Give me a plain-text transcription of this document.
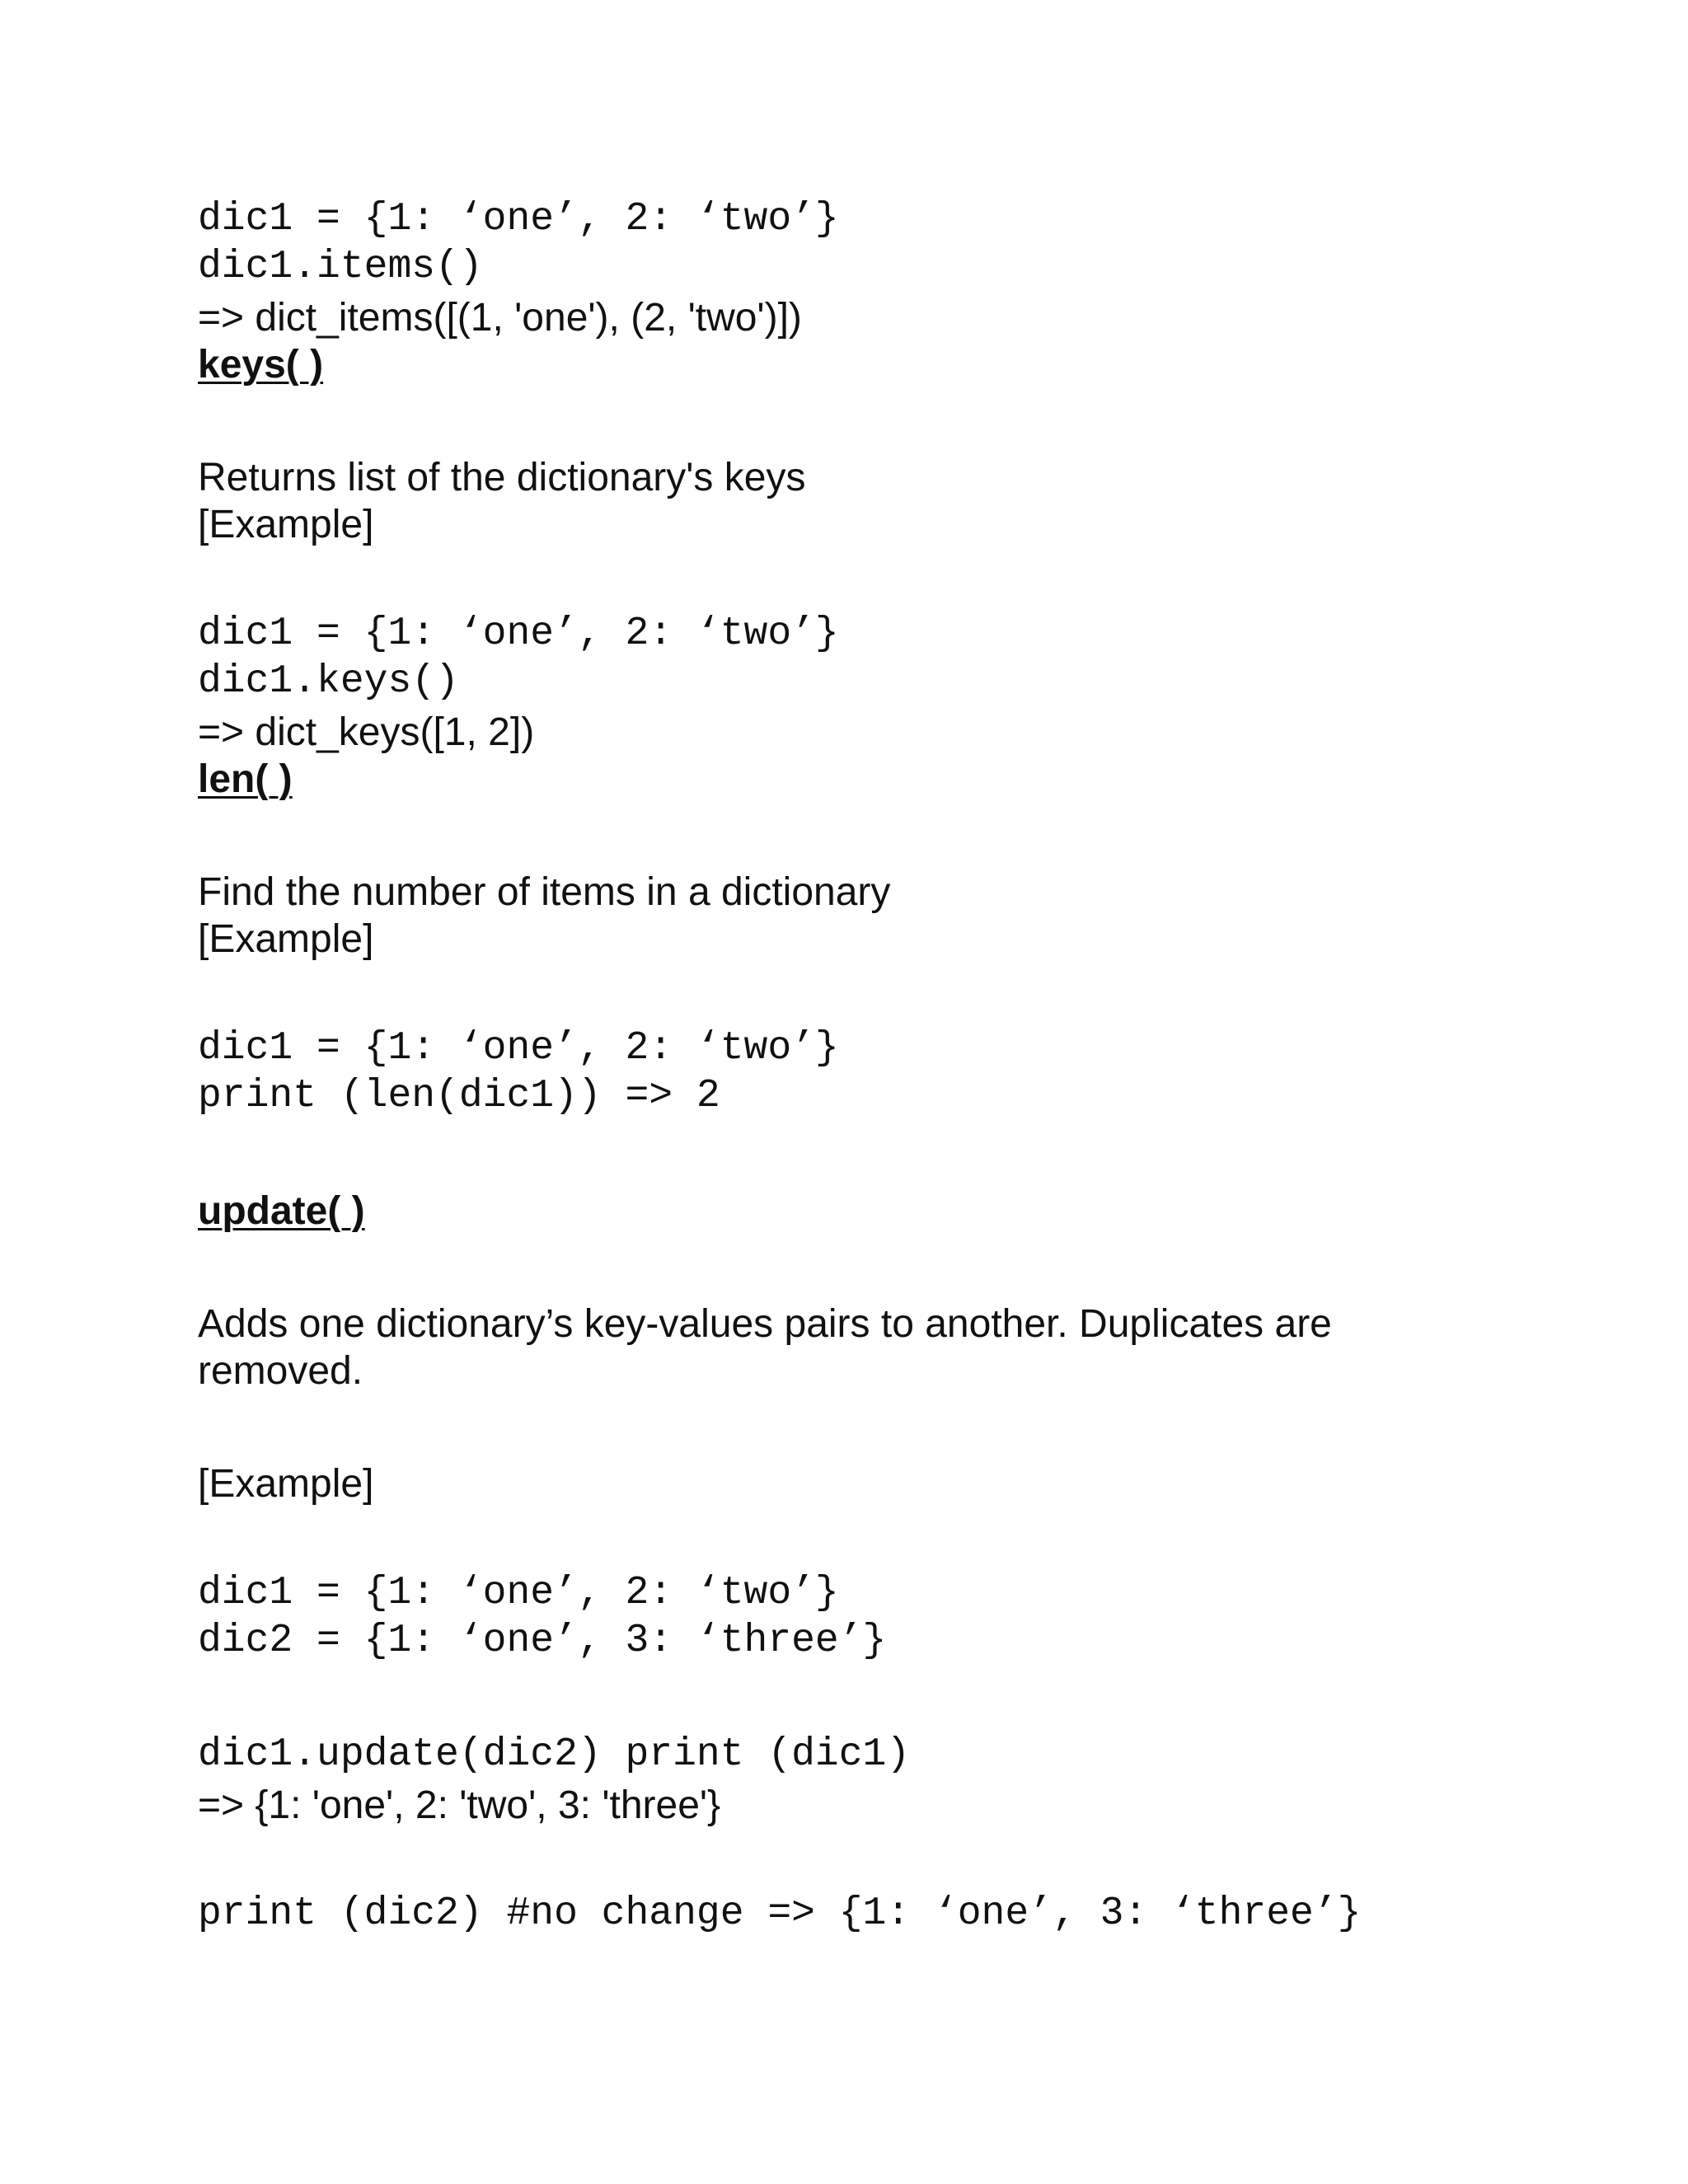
dic1 = {1: ‘one’, 2: ‘two’}
dic1.items()
=> dict_items([(1, 'one'), (2, 'two')])
keys( )
Returns list of the dictionary's keys
[Example]
dic1 = {1: ‘one’, 2: ‘two’}
dic1.keys()
=> dict_keys([1, 2])
len( )
Find the number of items in a dictionary
[Example]
dic1 = {1: ‘one’, 2: ‘two’}
print (len(dic1)) => 2
update( )
Adds one dictionary’s key-values pairs to another. Duplicates are
removed.
[Example]
dic1 = {1: ‘one’, 2: ‘two’}
dic2 = {1: ‘one’, 3: ‘three’}
dic1.update(dic2) print (dic1)
=> {1: 'one', 2: 'two', 3: 'three'}
print (dic2) #no change => {1: ‘one’, 3: ‘three’}
